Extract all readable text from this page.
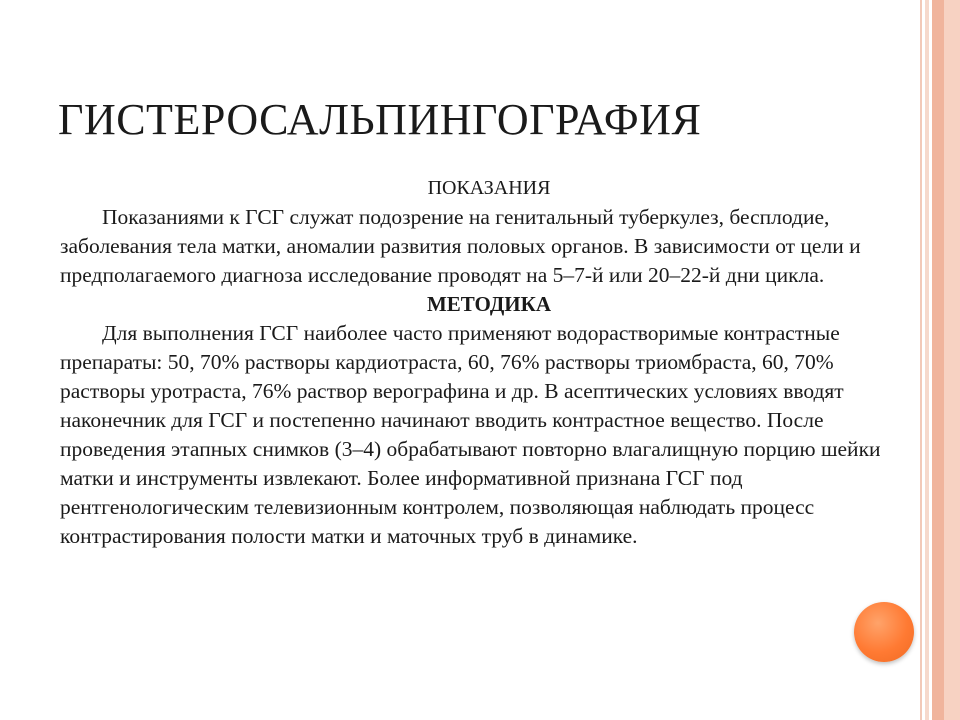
ГИСТЕРОСАЛЬПИНГОГРАФИЯ

ПОКАЗАНИЯ

Показаниями к ГСГ служат подозрение на генитальный туберкулез, бесплодие, заболевания тела матки, аномалии развития половых органов. В зависимости от цели и предполагаемого диагноза исследование проводят на 5–7-й или 20–22-й дни цикла.

МЕТОДИКА

Для выполнения ГСГ наиболее часто применяют водорастворимые контрастные препараты: 50, 70% растворы кардиотраста, 60, 76% растворы триомбраста, 60, 70% растворы уротраста, 76% раствор верографина и др. В асептических условиях вводят наконечник для ГСГ и постепенно начинают вводить контрастное вещество. После проведения этапных снимков (3–4) обрабатывают повторно влагалищную порцию шейки матки и инструменты извлекают. Более информативной признана ГСГ под рентгенологическим телевизионным контролем, позволяющая наблюдать процесс контрастирования полости матки и маточных труб в динамике.
